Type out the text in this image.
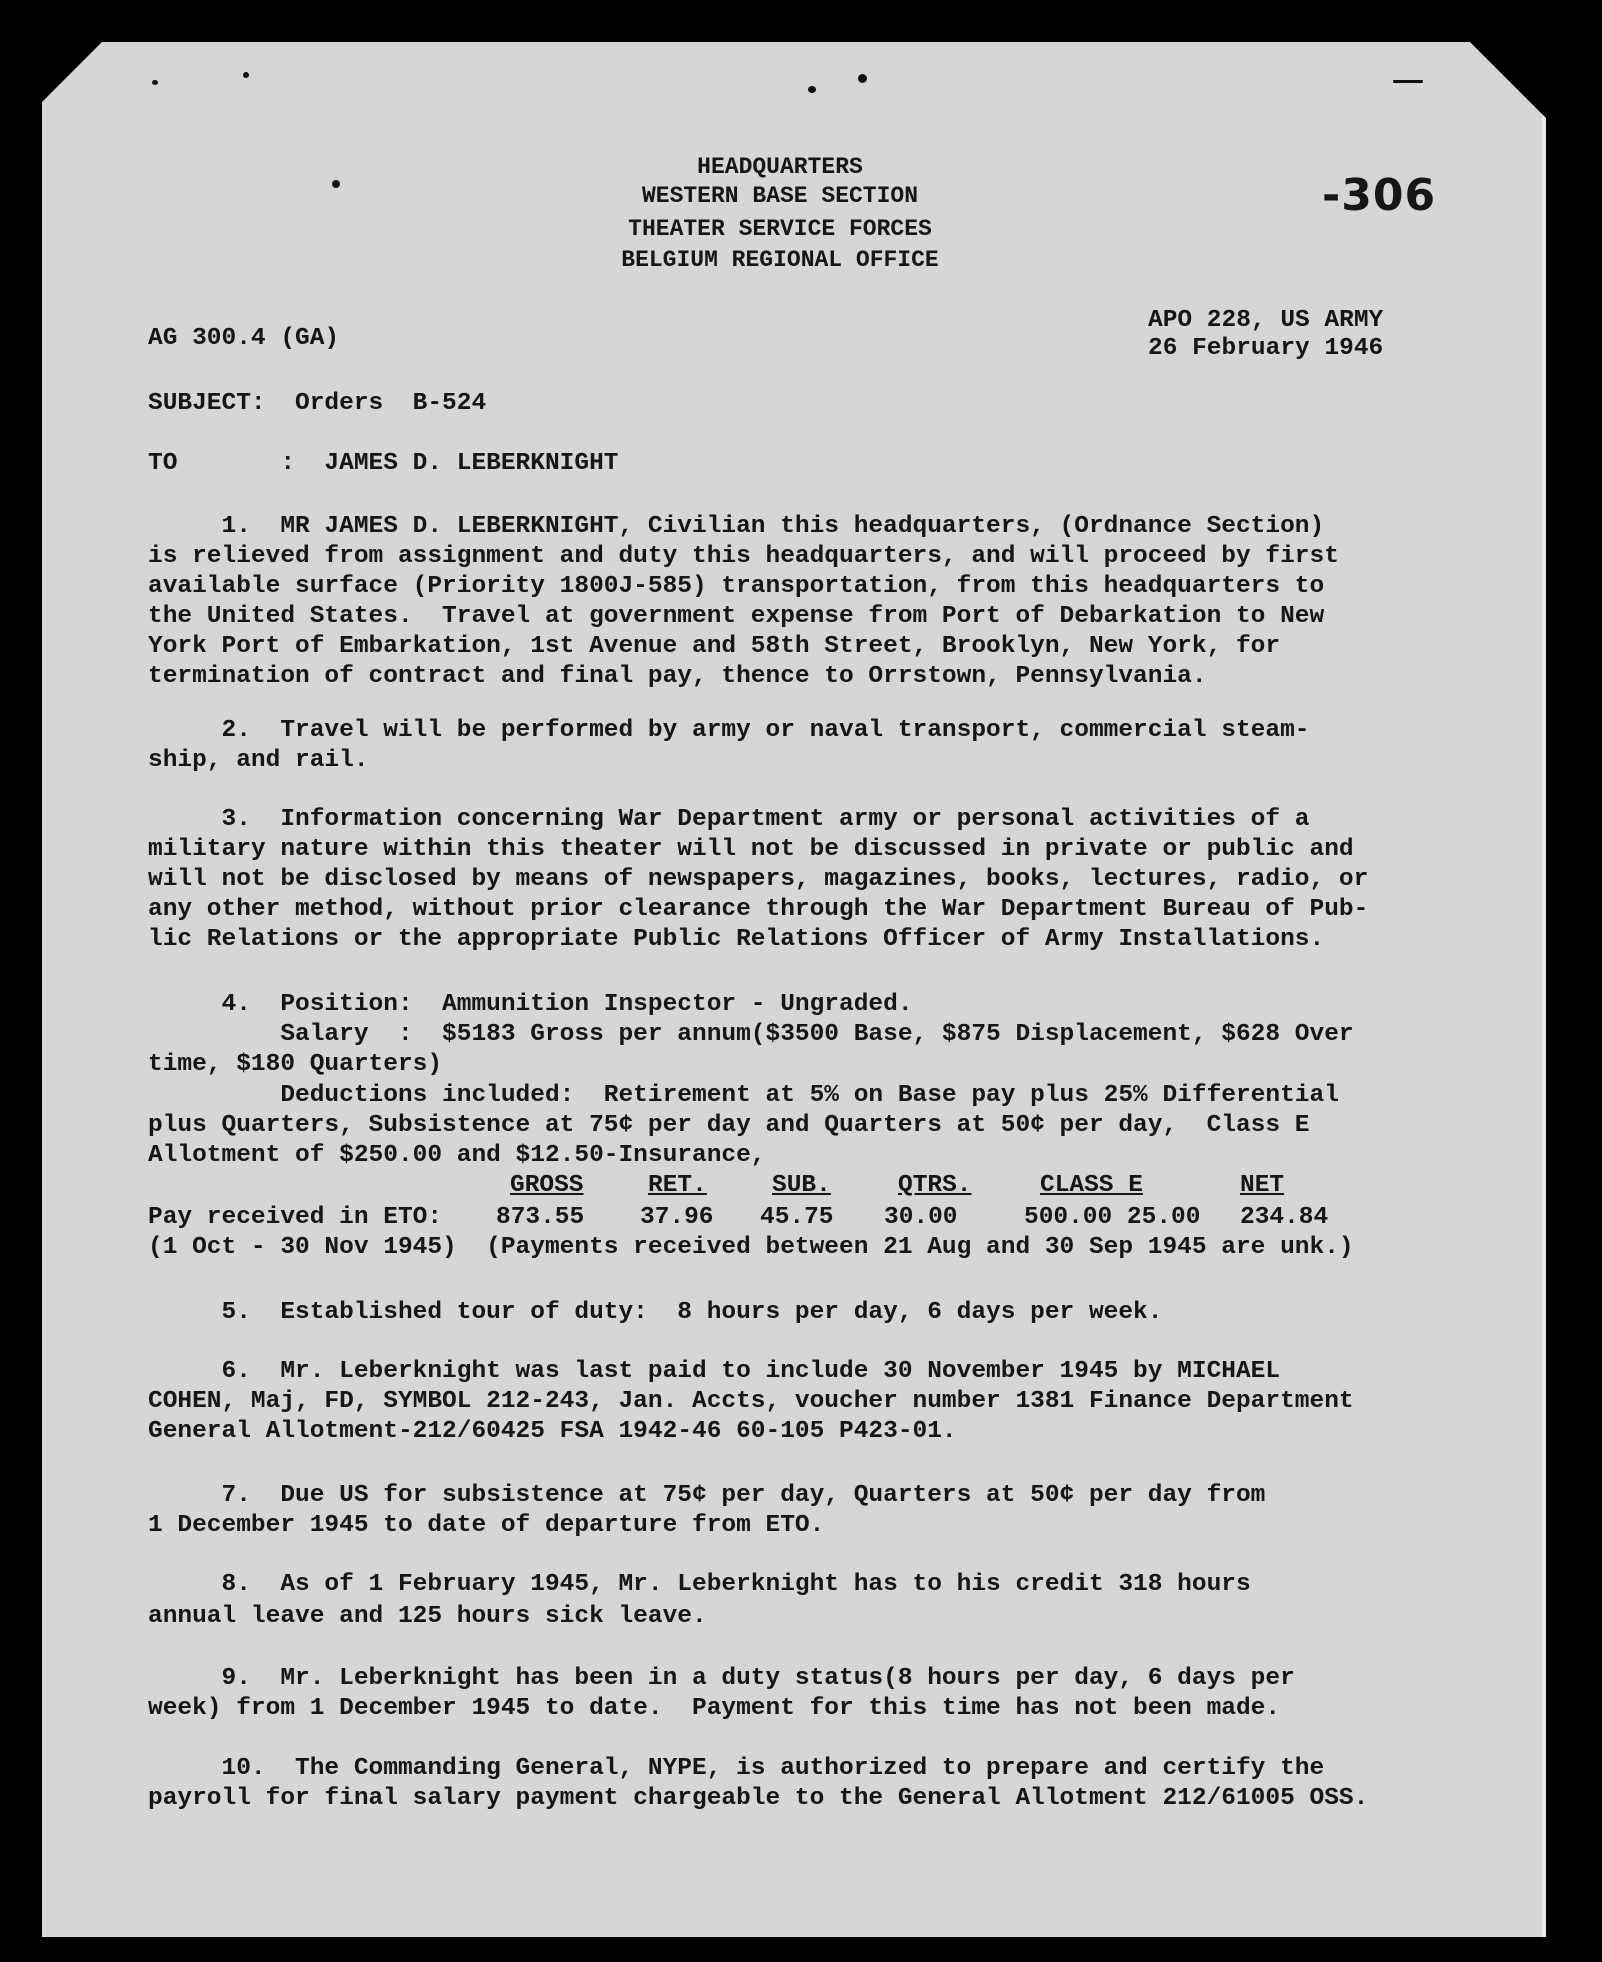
HEADQUARTERS
WESTERN BASE SECTION
THEATER SERVICE FORCES
BELGIUM REGIONAL OFFICE
-306
AG 300.4 (GA)
APO 228, US ARMY
26 February 1946
SUBJECT:  Orders  B-524
TO       :  JAMES D. LEBERKNIGHT
1.  MR JAMES D. LEBERKNIGHT, Civilian this headquarters, (Ordnance Section)
is relieved from assignment and duty this headquarters, and will proceed by first
available surface (Priority 1800J-585) transportation, from this headquarters to
the United States.  Travel at government expense from Port of Debarkation to New
York Port of Embarkation, 1st Avenue and 58th Street, Brooklyn, New York, for
termination of contract and final pay, thence to Orrstown, Pennsylvania.
2.  Travel will be performed by army or naval transport, commercial steam-
ship, and rail.
3.  Information concerning War Department army or personal activities of a
military nature within this theater will not be discussed in private or public and
will not be disclosed by means of newspapers, magazines, books, lectures, radio, or
any other method, without prior clearance through the War Department Bureau of Pub-
lic Relations or the appropriate Public Relations Officer of Army Installations.
4.  Position:  Ammunition Inspector - Ungraded.
Salary  :  $5183 Gross per annum($3500 Base, $875 Displacement, $628 Over
time, $180 Quarters)
Deductions included:  Retirement at 5% on Base pay plus 25% Differential
plus Quarters, Subsistence at 75¢ per day and Quarters at 50¢ per day,  Class E
Allotment of $250.00 and $12.50-Insurance,
GROSS	RET.	SUB.	QTRS.	CLASS E	NET
Pay received in ETO: 873.55 37.96 45.75 30.00	500.00 25.00 234.84
(1 Oct - 30 Nov 1945)  (Payments received between 21 Aug and 30 Sep 1945 are unk.)
5.  Established tour of duty:  8 hours per day, 6 days per week.
6.  Mr. Leberknight was last paid to include 30 November 1945 by MICHAEL
COHEN, Maj, FD, SYMBOL 212-243, Jan. Accts, voucher number 1381 Finance Department
General Allotment-212/60425 FSA 1942-46 60-105 P423-01.
7.  Due US for subsistence at 75¢ per day, Quarters at 50¢ per day from
1 December 1945 to date of departure from ETO.
8.  As of 1 February 1945, Mr. Leberknight has to his credit 318 hours
annual leave and 125 hours sick leave.
9.  Mr. Leberknight has been in a duty status(8 hours per day, 6 days per
week) from 1 December 1945 to date.  Payment for this time has not been made.
10.  The Commanding General, NYPE, is authorized to prepare and certify the
payroll for final salary payment chargeable to the General Allotment 212/61005 OSS.
